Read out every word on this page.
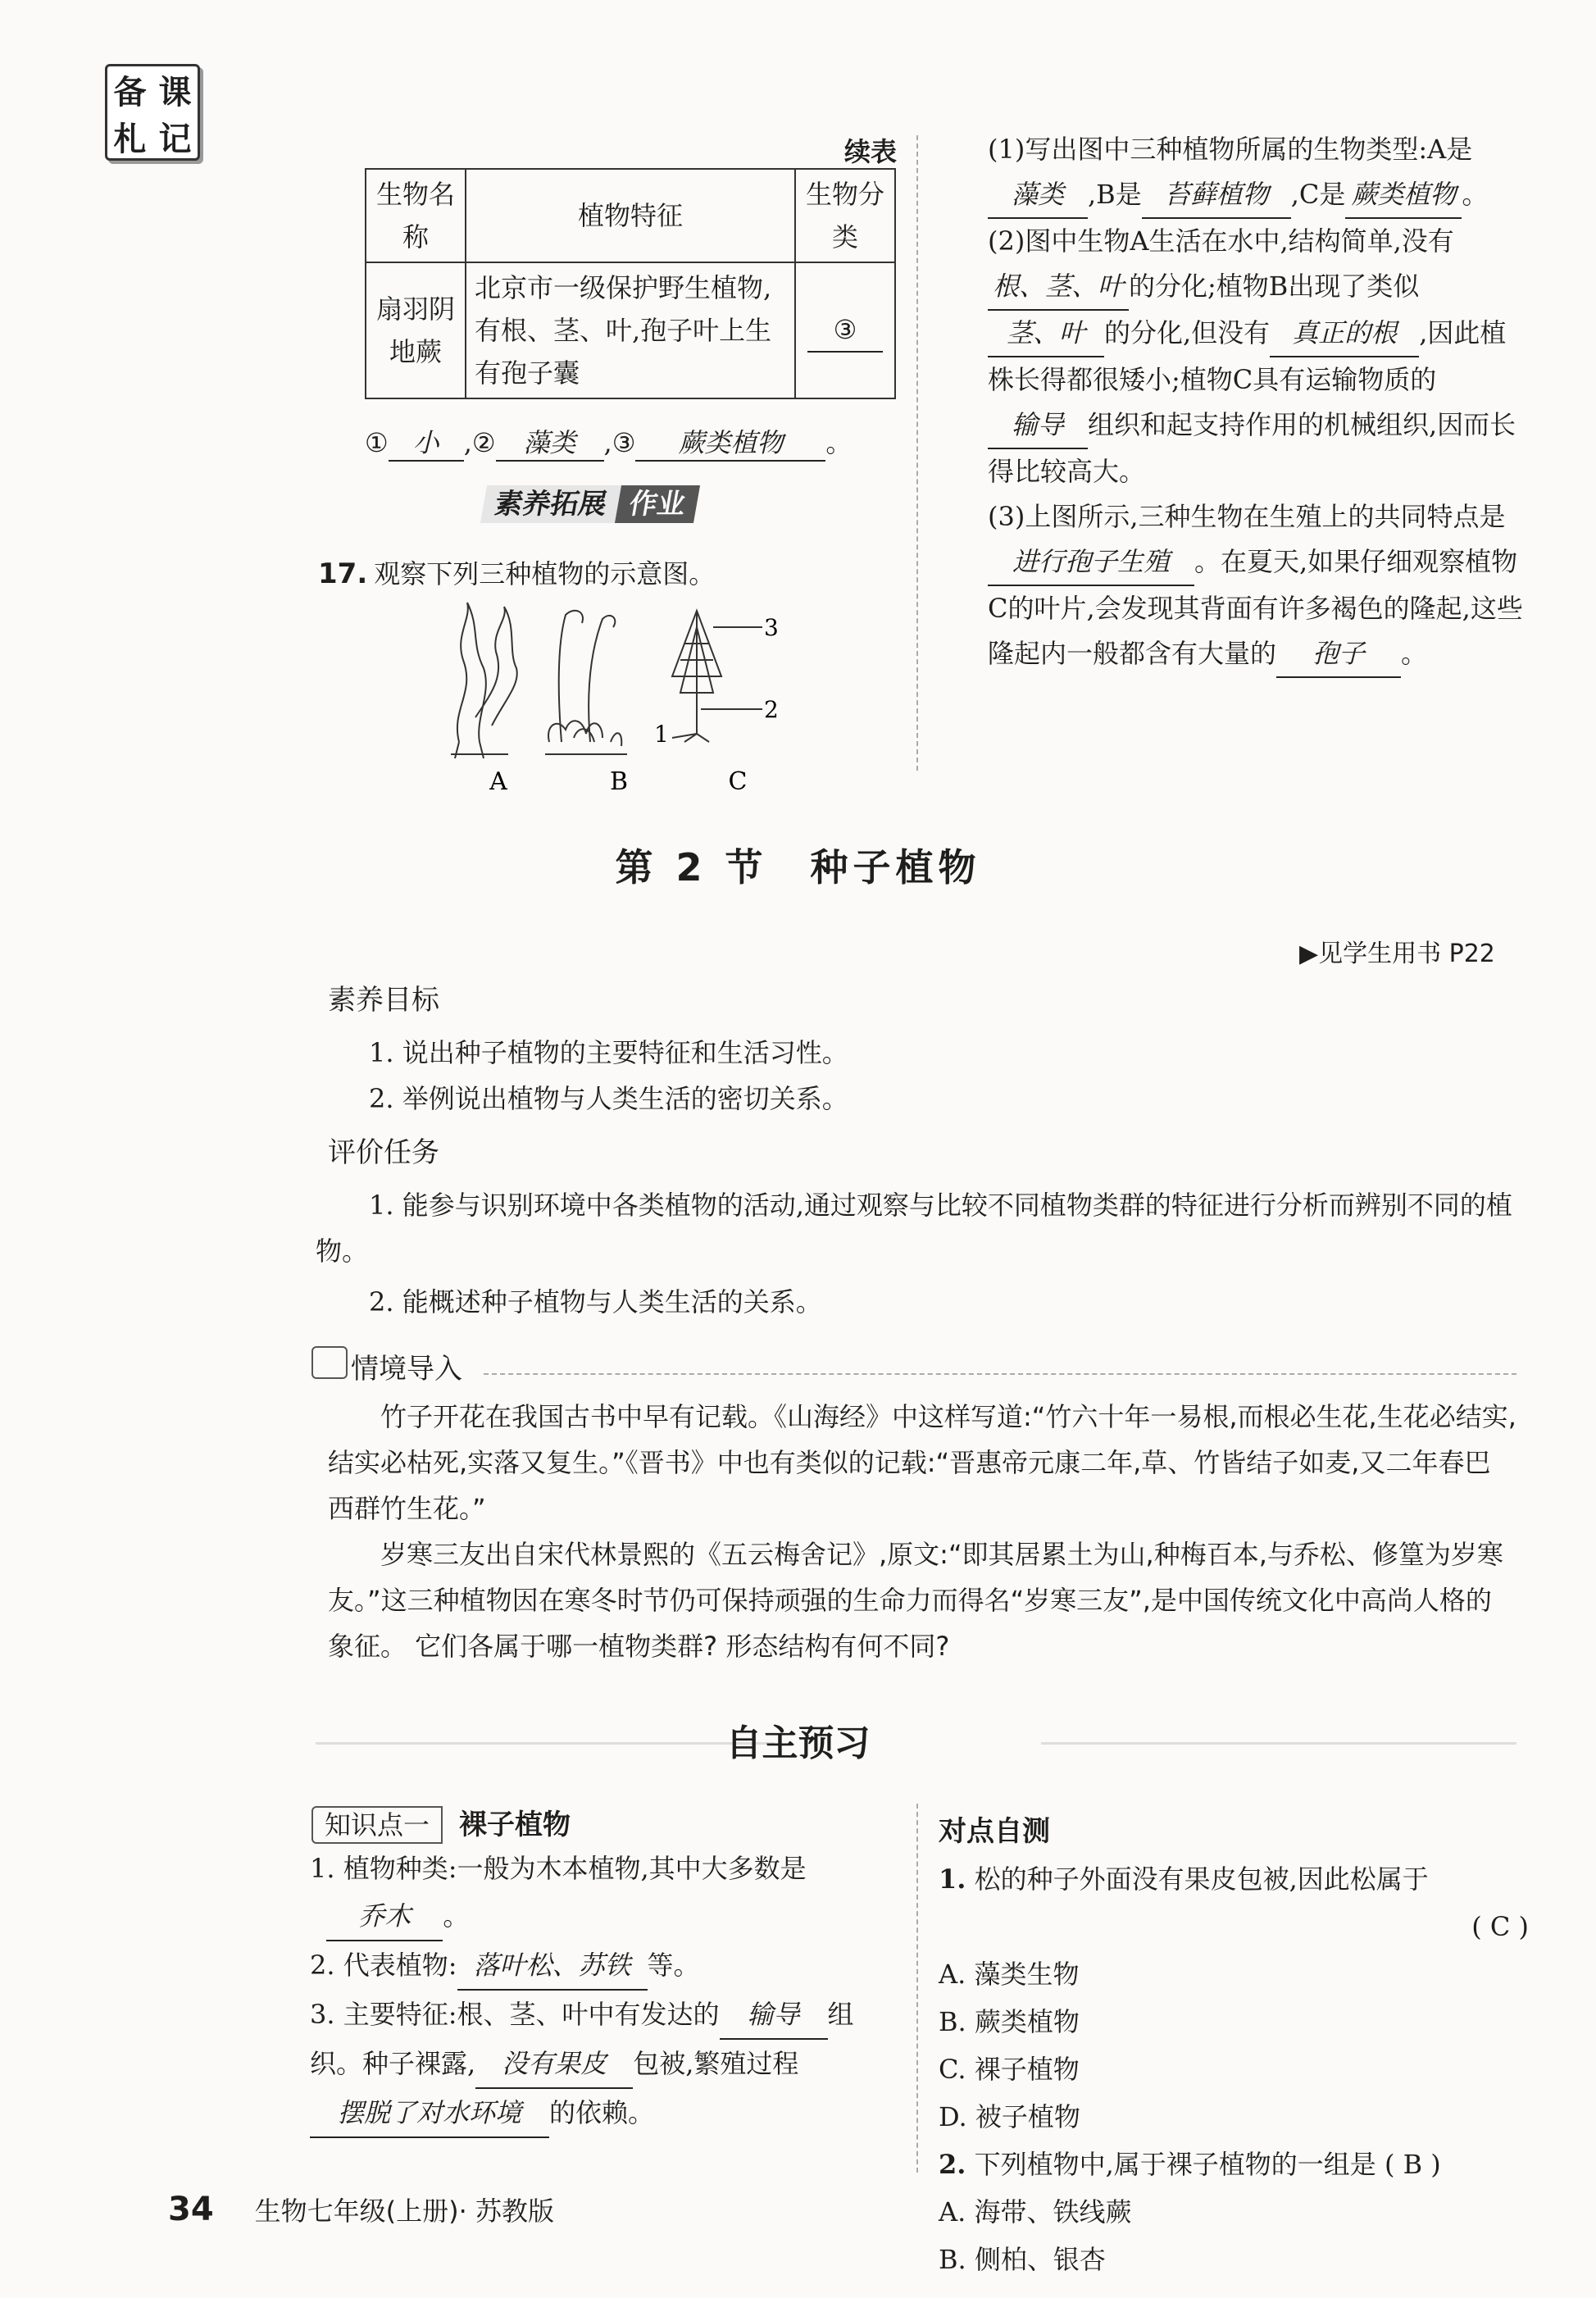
备 课
札 记	续表
生物名称	植物特征	生物分类
扇羽阴地蕨	北京市一级保护野生植物,有根、茎、叶,孢子叶上生有孢子囊	③
① 小 ,② 藻类 ,③ 蕨类植物 。
素养拓展 作业
17. 观察下列三种植物的示意图。
3
2
1
A	B	C

(1)写出图中三种植物所属的生物类型:A是藻类 ,B是 苔藓植物 ,C是 蕨类植物 。

(2)图中生物A生活在水中,结构简单,没有根、茎、叶 的分化;植物B出现了类似茎、叶 的分化,但没有 真正的根 ,因此植株长得都很矮小;植物C具有运输物质的输导 组织和起支持作用的机械组织,因而长得比较高大。

(3)上图所示,三种生物在生殖上的共同特点是进行孢子生殖 。在夏天,如果仔细观察植物C的叶片,会发现其背面有许多褐色的隆起,这些隆起内一般都含有大量的 孢子 。

第 2 节　种子植物
▶见学生用书 P22
素养目标
1. 说出种子植物的主要特征和生活习性。
2. 举例说出植物与人类生活的密切关系。
评价任务
1. 能参与识别环境中各类植物的活动,通过观察与比较不同植物类群的特征进行分析而辨别不同的植物。
2. 能概述种子植物与人类生活的关系。
情境导入

竹子开花在我国古书中早有记载。《山海经》中这样写道:“竹六十年一易根,而根必生花,生花必结实,结实必枯死,实落又复生。”《晋书》中也有类似的记载:“晋惠帝元康二年,草、竹皆结子如麦,又二年春巴西群竹生花。”

岁寒三友出自宋代林景熙的《五云梅舍记》,原文:“即其居累土为山,种梅百本,与乔松、修篁为岁寒友。”这三种植物因在寒冬时节仍可保持顽强的生命力而得名“岁寒三友”,是中国传统文化中高尚人格的象征。 它们各属于哪一植物类群? 形态结构有何不同?

自主预习
知识点一 裸子植物

1. 植物种类:一般为木本植物,其中大多数是
乔木 。

2. 代表植物: 落叶松、苏铁 等。

3. 主要特征:根、茎、叶中有发达的 输导 组织。种子裸露, 没有果皮 包被,繁殖过程摆脱了对水环境 的依赖。

对点自测

1. 松的种子外面没有果皮包被,因此松属于

( C )

A. 藻类生物B. 蕨类植物
C. 裸子植物D. 被子植物

2. 下列植物中,属于裸子植物的一组是 ( B )

A. 海带、铁线蕨B. 侧柏、银杏

34 生物七年级(上册)· 苏教版
